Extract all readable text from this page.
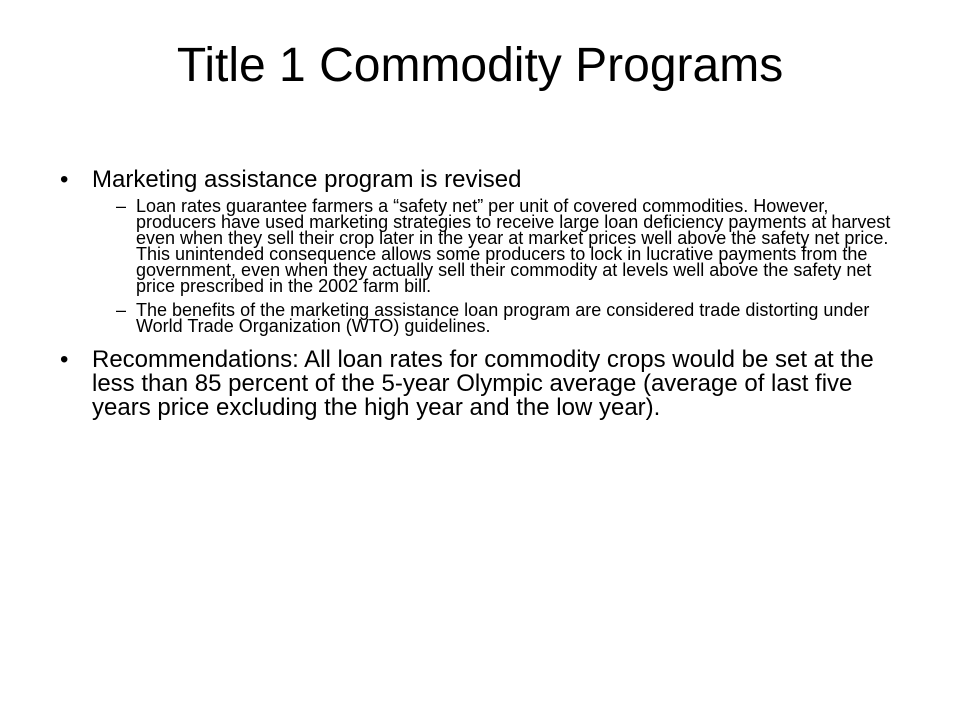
Title 1 Commodity Programs

• Marketing assistance program is revised

– Loan rates guarantee farmers a “safety net” per unit of covered commodities. However, producers have used marketing strategies to receive large loan deficiency payments at harvest even when they sell their crop later in the year at market prices well above the safety net price. This unintended consequence allows some producers to lock in lucrative payments from the government, even when they actually sell their commodity at levels well above the safety net price prescribed in the 2002 farm bill.

– The benefits of the marketing assistance loan program are considered trade distorting under World Trade Organization (WTO) guidelines.

• Recommendations: All loan rates for commodity crops would be set at the less than 85 percent of the 5-year Olympic average (average of last five years price excluding the high year and the low year).
